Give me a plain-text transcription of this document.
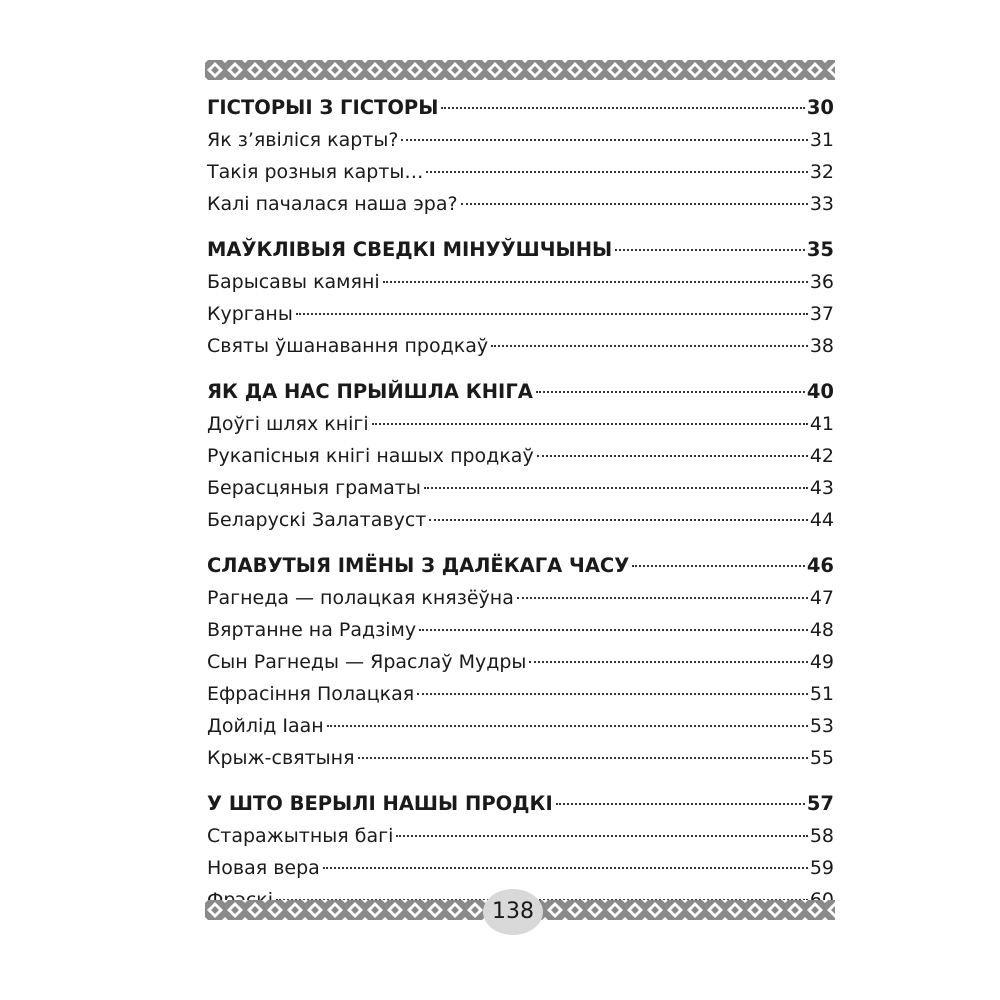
ГІСТОРЫІ З ГІСТОРЫ	30
Як з’явіліся карты?	31
Такія розныя карты…	32
Калі пачалася наша эра?	33
МАЎКЛІВЫЯ СВЕДКІ МІНУЎШЧЫНЫ	35
Барысавы камяні	36
Курганы	37
Святы ўшанавання продкаў	38
ЯК ДА НАС ПРЫЙШЛА КНІГА	40
Доўгі шлях кнігі	41
Рукапісныя кнігі нашых продкаў	42
Берасцяныя граматы	43
Беларускі Залатавуст	44
СЛАВУТЫЯ ІМЁНЫ З ДАЛЁКАГА ЧАСУ	46
Рагнеда — полацкая князёўна	47
Вяртанне на Радзіму	48
Сын Рагнеды — Яраслаў Мудры	49
Ефрасіння Полацкая	51
Дойлід Іаан	53
Крыж-святыня	55
У ШТО ВЕРЫЛІ НАШЫ ПРОДКІ	57
Старажытныя багі	58
Новая вера	59
138
